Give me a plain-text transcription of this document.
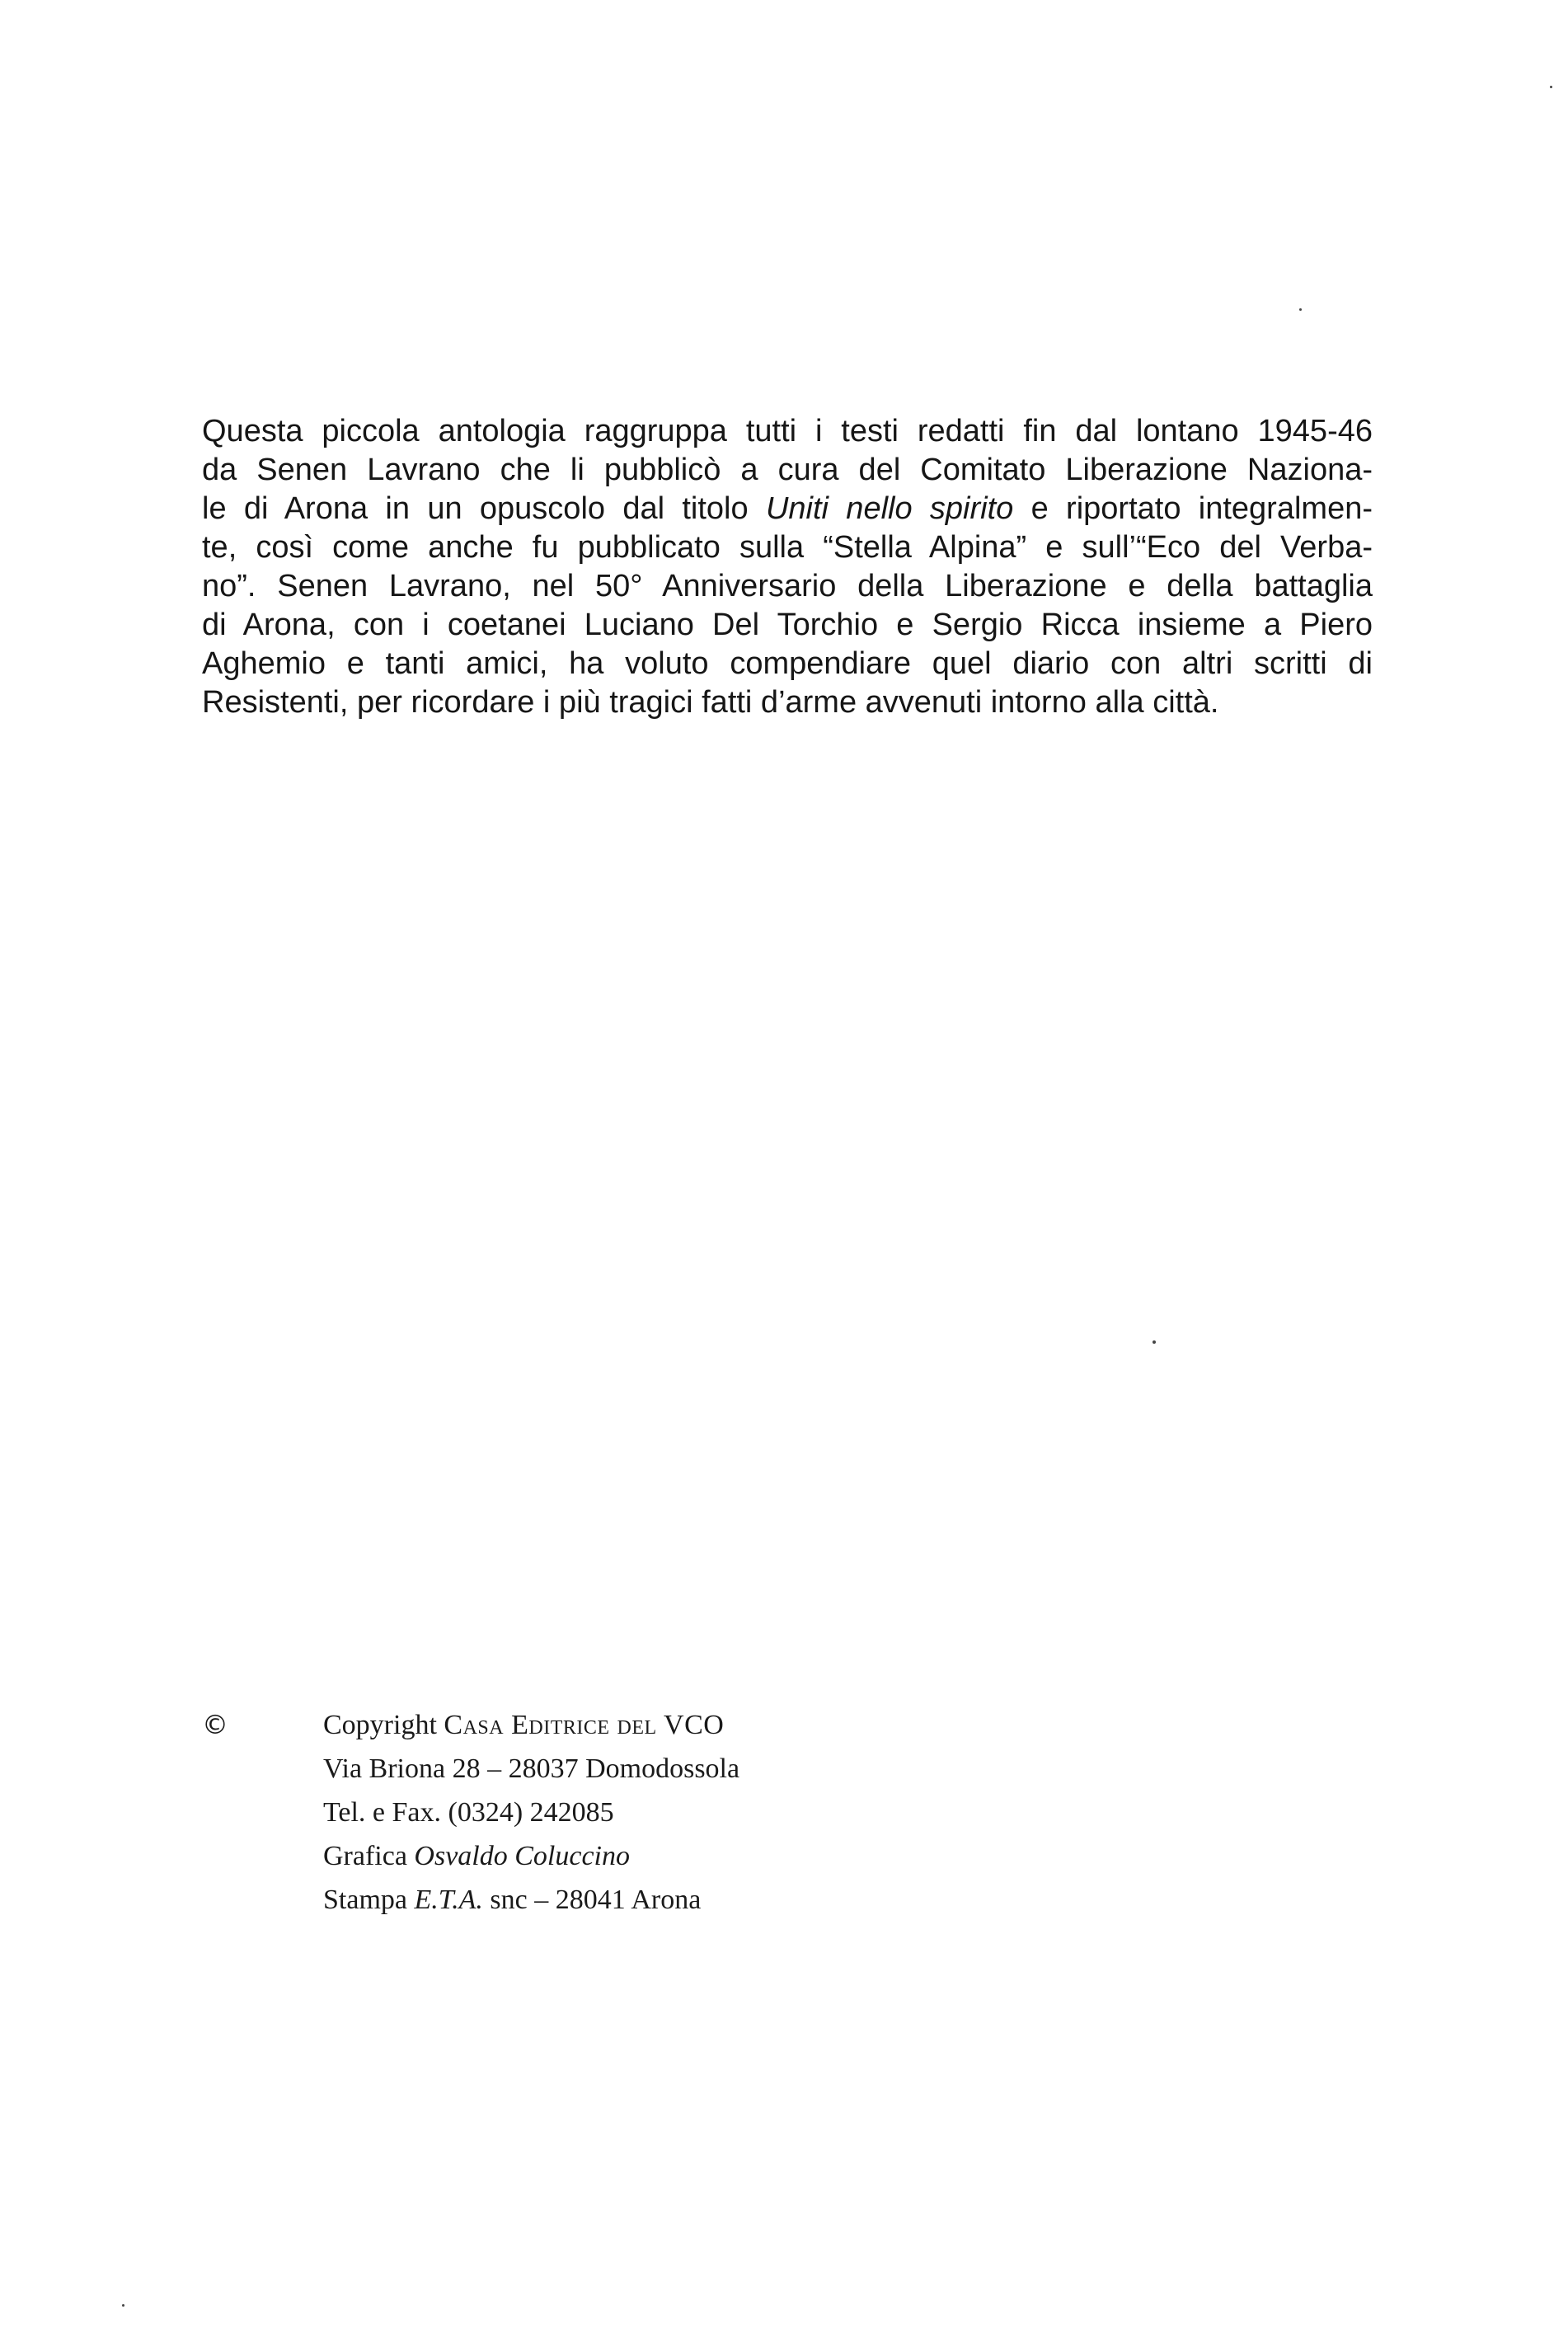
Questa piccola antologia raggruppa tutti i testi redatti fin dal lontano 1945-46
da Senen Lavrano che li pubblicò a cura del Comitato Liberazione Naziona-
le di Arona in un opuscolo dal titolo Uniti nello spirito e riportato integralmen-
te, così come anche fu pubblicato sulla “Stella Alpina” e sull’“Eco del Verba-
no”. Senen Lavrano, nel 50° Anniversario della Liberazione e della battaglia
di Arona, con i coetanei Luciano Del Torchio e Sergio Ricca insieme a Piero
Aghemio e tanti amici, ha voluto compendiare quel diario con altri scritti di
Resistenti, per ricordare i più tragici fatti d’arme avvenuti intorno alla città.
©	Copyright Casa Editrice del VCO
Via Briona 28 – 28037 Domodossola
Tel. e Fax. (0324) 242085
Grafica Osvaldo Coluccino
Stampa E.T.A. snc – 28041 Arona
